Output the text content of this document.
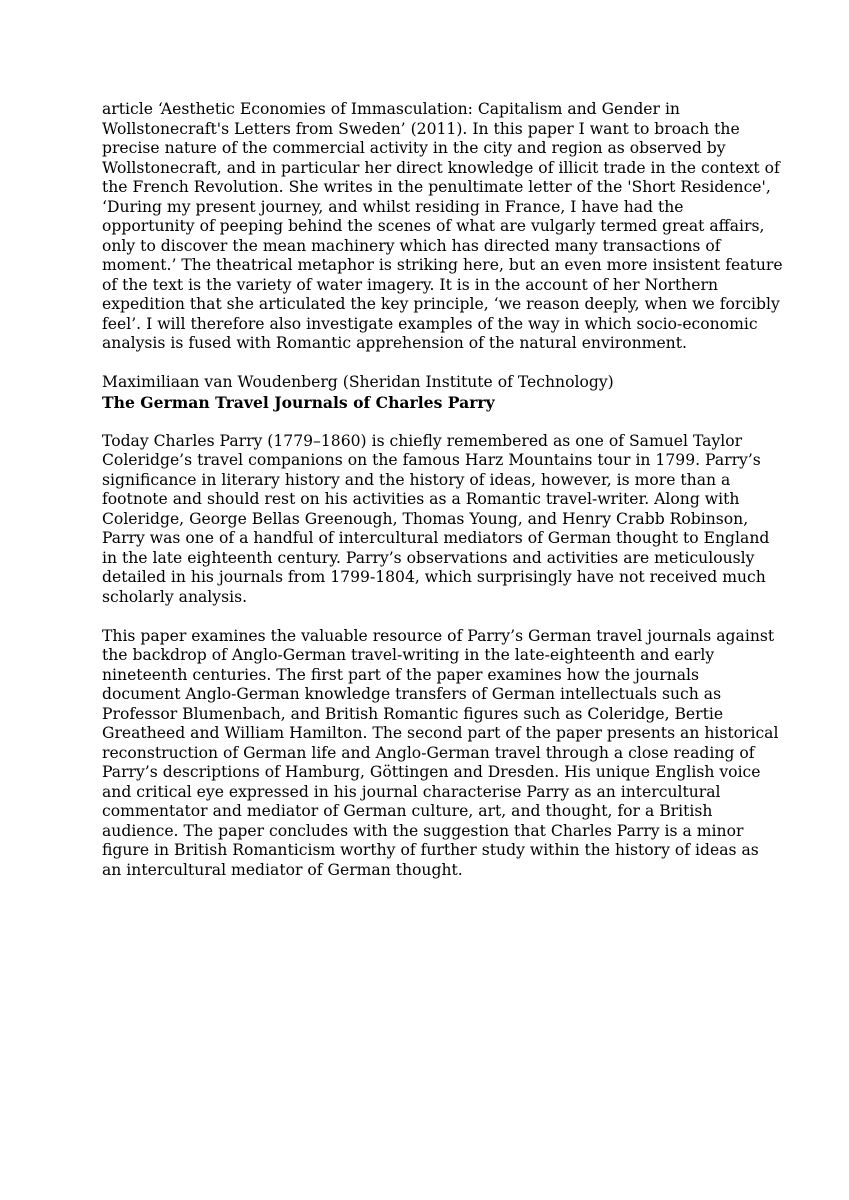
article ‘Aesthetic Economies of Immasculation: Capitalism and Gender in
Wollstonecraft's Letters from Sweden’ (2011). In this paper I want to broach the
precise nature of the commercial activity in the city and region as observed by
Wollstonecraft, and in particular her direct knowledge of illicit trade in the context of
the French Revolution. She writes in the penultimate letter of the 'Short Residence',
‘During my present journey, and whilst residing in France, I have had the
opportunity of peeping behind the scenes of what are vulgarly termed great affairs,
only to discover the mean machinery which has directed many transactions of
moment.’ The theatrical metaphor is striking here, but an even more insistent feature
of the text is the variety of water imagery. It is in the account of her Northern
expedition that she articulated the key principle, ‘we reason deeply, when we forcibly
feel’. I will therefore also investigate examples of the way in which socio-economic
analysis is fused with Romantic apprehension of the natural environment.
Maximiliaan van Woudenberg (Sheridan Institute of Technology)
The German Travel Journals of Charles Parry
Today Charles Parry (1779–1860) is chiefly remembered as one of Samuel Taylor
Coleridge’s travel companions on the famous Harz Mountains tour in 1799. Parry’s
significance in literary history and the history of ideas, however, is more than a
footnote and should rest on his activities as a Romantic travel-writer. Along with
Coleridge, George Bellas Greenough, Thomas Young, and Henry Crabb Robinson,
Parry was one of a handful of intercultural mediators of German thought to England
in the late eighteenth century. Parry’s observations and activities are meticulously
detailed in his journals from 1799-1804, which surprisingly have not received much
scholarly analysis.
This paper examines the valuable resource of Parry’s German travel journals against
the backdrop of Anglo-German travel-writing in the late-eighteenth and early
nineteenth centuries. The first part of the paper examines how the journals
document Anglo-German knowledge transfers of German intellectuals such as
Professor Blumenbach, and British Romantic figures such as Coleridge, Bertie
Greatheed and William Hamilton. The second part of the paper presents an historical
reconstruction of German life and Anglo-German travel through a close reading of
Parry’s descriptions of Hamburg, Göttingen and Dresden. His unique English voice
and critical eye expressed in his journal characterise Parry as an intercultural
commentator and mediator of German culture, art, and thought, for a British
audience. The paper concludes with the suggestion that Charles Parry is a minor
figure in British Romanticism worthy of further study within the history of ideas as
an intercultural mediator of German thought.
